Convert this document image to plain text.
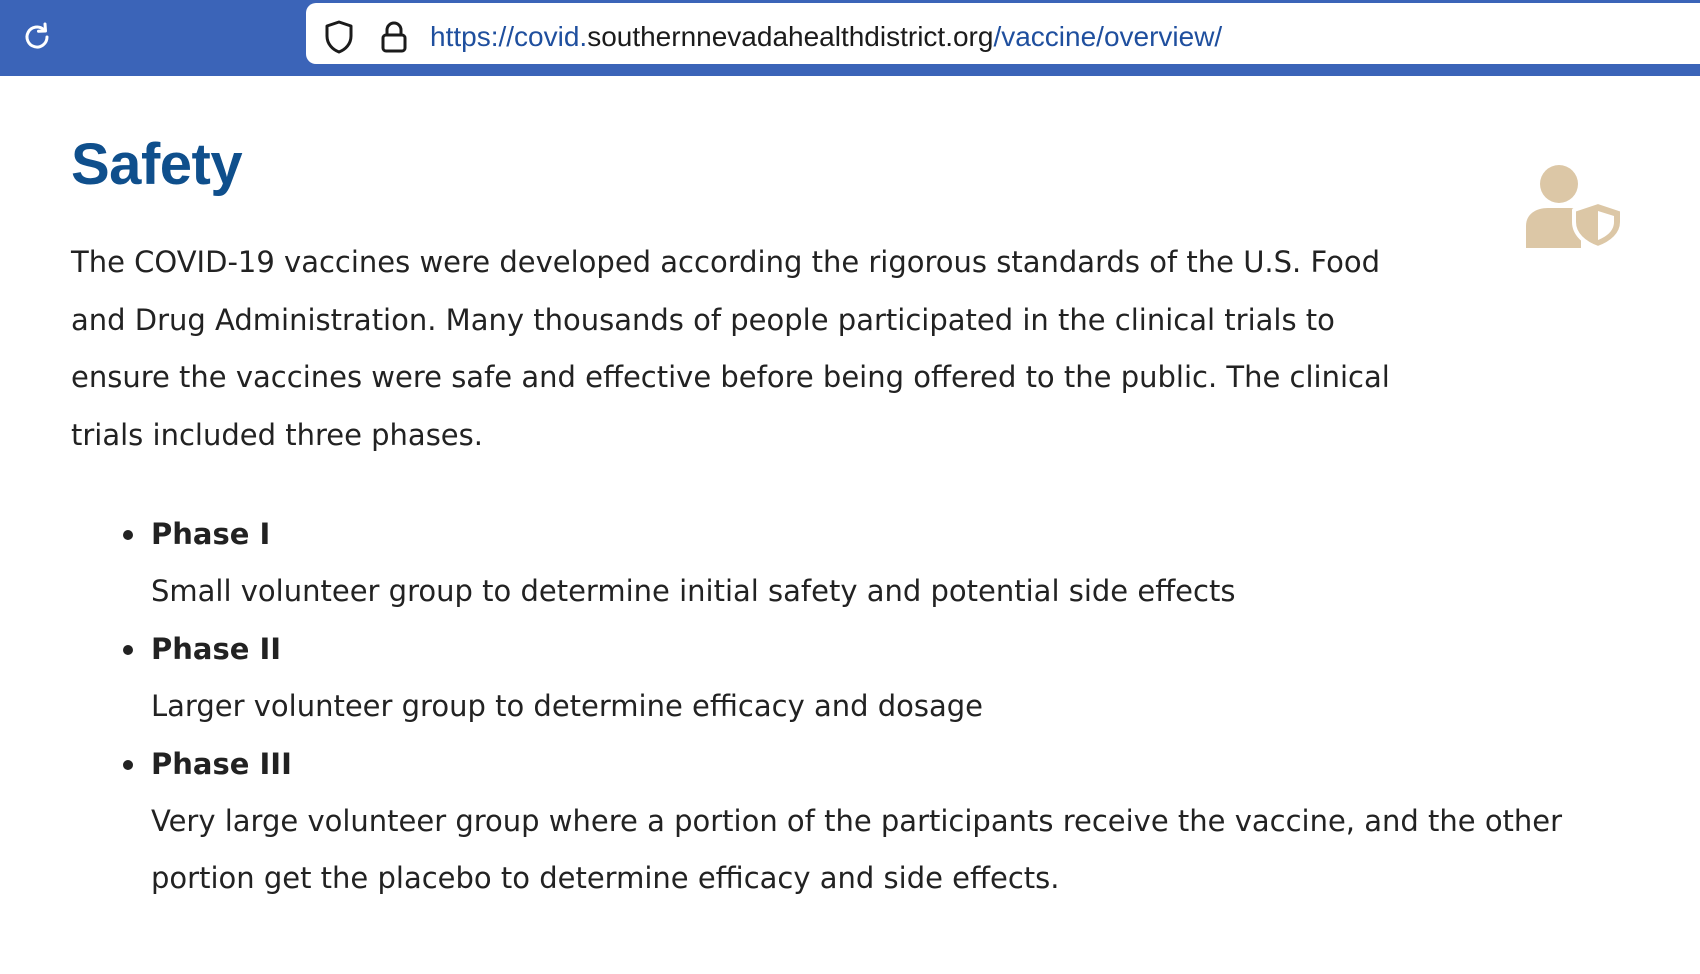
https://covid.southernnevadahealthdistrict.org/vaccine/overview/
Safety

The COVID-19 vaccines were developed according the rigorous standards of the U.S. Food and Drug Administration. Many thousands of people participated in the clinical trials to ensure the vaccines were safe and effective before being offered to the public. The clinical trials included three phases.

Phase I
Small volunteer group to determine initial safety and potential side effects
Phase II
Larger volunteer group to determine efficacy and dosage
Phase III
Very large volunteer group where a portion of the participants receive the vaccine, and the other portion get the placebo to determine efficacy and side effects.
